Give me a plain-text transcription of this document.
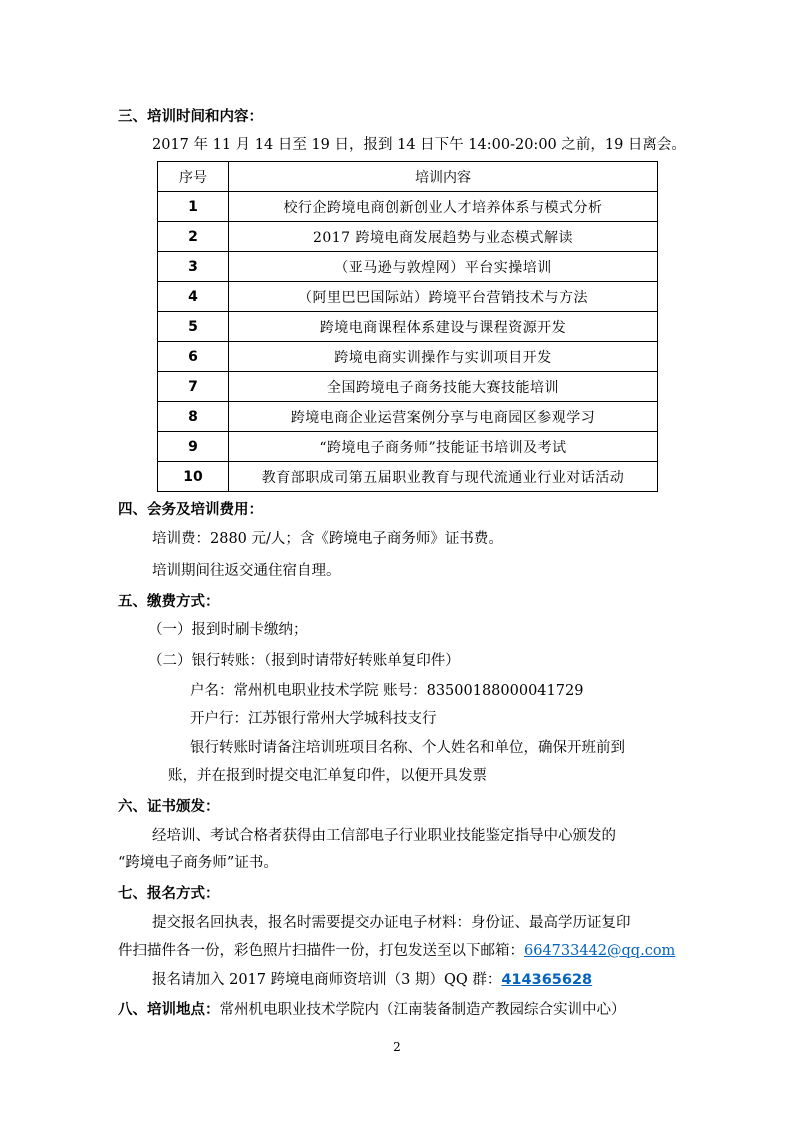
三、培训时间和内容：
2017 年 11 月 14 日至 19 日，报到 14 日下午 14:00-20:00 之前，19 日离会。
序号	培训内容
1	校行企跨境电商创新创业人才培养体系与模式分析
2	2017 跨境电商发展趋势与业态模式解读
3	（亚马逊与敦煌网）平台实操培训
4	（阿里巴巴国际站）跨境平台营销技术与方法
5	跨境电商课程体系建设与课程资源开发
6	跨境电商实训操作与实训项目开发
7	全国跨境电子商务技能大赛技能培训
8	跨境电商企业运营案例分享与电商园区参观学习
9	“跨境电子商务师”技能证书培训及考试
10	教育部职成司第五届职业教育与现代流通业行业对话活动
四、会务及培训费用：
培训费：2880 元/人；含《跨境电子商务师》证书费。
培训期间往返交通住宿自理。
五、缴费方式：
（一）报到时刷卡缴纳；
（二）银行转账：（报到时请带好转账单复印件）
户名：常州机电职业技术学院 账号：83500188000041729
开户行：江苏银行常州大学城科技支行
银行转账时请备注培训班项目名称、个人姓名和单位，确保开班前到
账，并在报到时提交电汇单复印件，以便开具发票
六、证书颁发：
经培训、考试合格者获得由工信部电子行业职业技能鉴定指导中心颁发的
“跨境电子商务师”证书。
七、报名方式：
提交报名回执表，报名时需要提交办证电子材料：身份证、最高学历证复印
件扫描件各一份，彩色照片扫描件一份，打包发送至以下邮箱：664733442@qq.com
报名请加入 2017 跨境电商师资培训（3 期）QQ 群：414365628
八、培训地点：常州机电职业技术学院内（江南装备制造产教园综合实训中心）
2
